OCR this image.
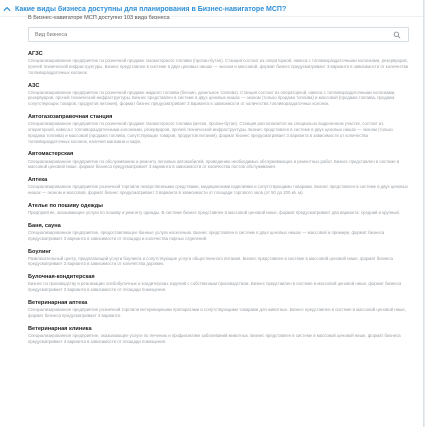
Какие виды бизнеса доступны для планирования в Бизнес-навигаторе МСП?
В Бизнес-навигаторе МСП доступно 103 вида бизнеса
Вид бизнеса
АГЗС
Специализированное предприятие по розничной продаже газомоторного топлива (пропан-бутан). Станция состоит из операторной, навеса с топливораздаточными колонками, резервуаров, прочей технической инфраструктуры. Бизнес представлен в системе в двух ценовых нишах — эконом и массовой, формат бизнес предусматривает 3 варианта в зависимости от количества топливораздаточных колонок.
АЗС
Специализированное предприятие по розничной продаже жидкого топлива (бензин, дизельное топливо). Станция состоит из операторной, навеса с топливораздаточными колонками, резервуаров, прочей технической инфраструктуры. Бизнес представлен в системе в двух ценовых нишах — эконом (только продажа топлива) и массовой (продажа топлива, продажа сопутствующих товаров, продуктов питания), формат бизнес предусматривает 3 варианта в зависимости от количества топливораздаточных колонок.
Автогазозаправочная станция
Специализированное предприятие по розничной продаже газомоторного топлива (метан, пропан-бутан). Станция располагается на специально выделенном участке, состоит из операторной, навеса с топливораздаточными колонками, резервуаров, прочей технической инфраструктуры. Бизнес представлен в системе в двух ценовых нишах — эконом (только продажа топлива) и массовой (продажа топлива, сопутствующих товаров, продуктов питания), формат бизнес предусматривает 3 варианта в зависимости от количества топливораздаточных колонок, наличия магазина и кафе.
Автомастерская
Специализированное предприятие по обслуживанию и ремонту легковых автомобилей, проведению необходимых обслуживающих и ремонтных работ. Бизнес представлен в системе в массовой ценовой нише, формат бизнеса предусматривает 3 варианта в зависимости от количества постов обслуживания.
Аптека
Специализированное предприятие розничной торговли лекарственными средствами, медицинскими изделиями и сопутствующими товарами. Бизнес представлен в системе в двух ценовых нишах — эконом и массовой, формат бизнес предусматривает 3 варианта в зависимости от площади торгового зала (от 50 до 200 кв. м).
Ателье по пошиву одежды
Предприятие, оказывающее услуги по пошиву и ремонту одежды. В системе бизнес представлен в массовой ценовой нише, формат предусматривает два варианта: средний и крупный.
Баня, сауна
Специализированное предприятие, предоставляющее банные услуги населению. Бизнес представлен в системе в двух ценовых нишах — массовой и премиум, формат бизнеса предусматривает 3 варианта в зависимости от площади и количества парных отделений.
Боулинг
Развлекательный центр, предлагающий услуги боулинга и сопутствующие услуги общественного питания. Бизнес представлен в системе в массовой ценовой нише, формат бизнеса предусматривает 3 варианта в зависимости от количества дорожек.
Булочная-кондитерская
Бизнес по производству и реализации хлебобулочных и кондитерских изделий с собственным производством. Бизнес представлен в системе в массовой ценовой нише, формат бизнеса предусматривает 3 варианта в зависимости от площади помещения.
Ветеринарная аптека
Специализированное предприятие розничной торговли ветеринарными препаратами и сопутствующими товарами для животных. Бизнес представлен в системе в массовой ценовой нише, формат бизнеса предусматривает 3 варианта.
Ветеринарная клиника
Специализированное предприятие, оказывающее услуги по лечению и профилактике заболеваний животных. Бизнес представлен в системе в массовой ценовой нише, формат бизнеса предусматривает 3 варианта в зависимости от площади помещения.
